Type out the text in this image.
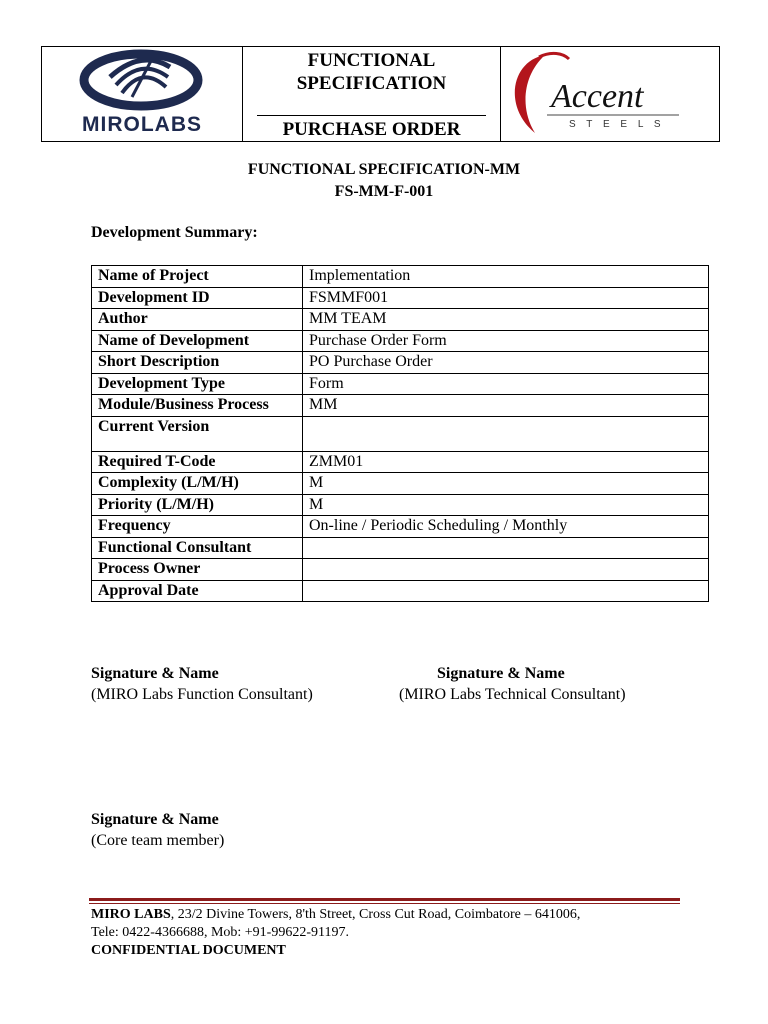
MIROLABS
FUNCTIONAL
SPECIFICATION
PURCHASE ORDER
Accent
S T E E L S
FUNCTIONAL SPECIFICATION-MM
FS-MM-F-001
Development Summary:
Name of Project	Implementation
Development ID	FSMMF001
Author	MM TEAM
Name of Development	Purchase Order Form
Short Description	PO Purchase Order
Development Type	Form
Module/Business Process	MM
Current Version	
Required T-Code	ZMM01
Complexity (L/M/H)	M
Priority (L/M/H)	M
Frequency	On-line / Periodic Scheduling / Monthly
Functional Consultant	
Process Owner	
Approval Date	
Signature & Name
(MIRO Labs Function Consultant)
Signature & Name
(MIRO Labs Technical Consultant)
Signature & Name
(Core team member)
MIRO LABS, 23/2 Divine Towers, 8'th Street, Cross Cut Road, Coimbatore – 641006,
Tele: 0422-4366688, Mob: +91-99622-91197.
CONFIDENTIAL DOCUMENT
